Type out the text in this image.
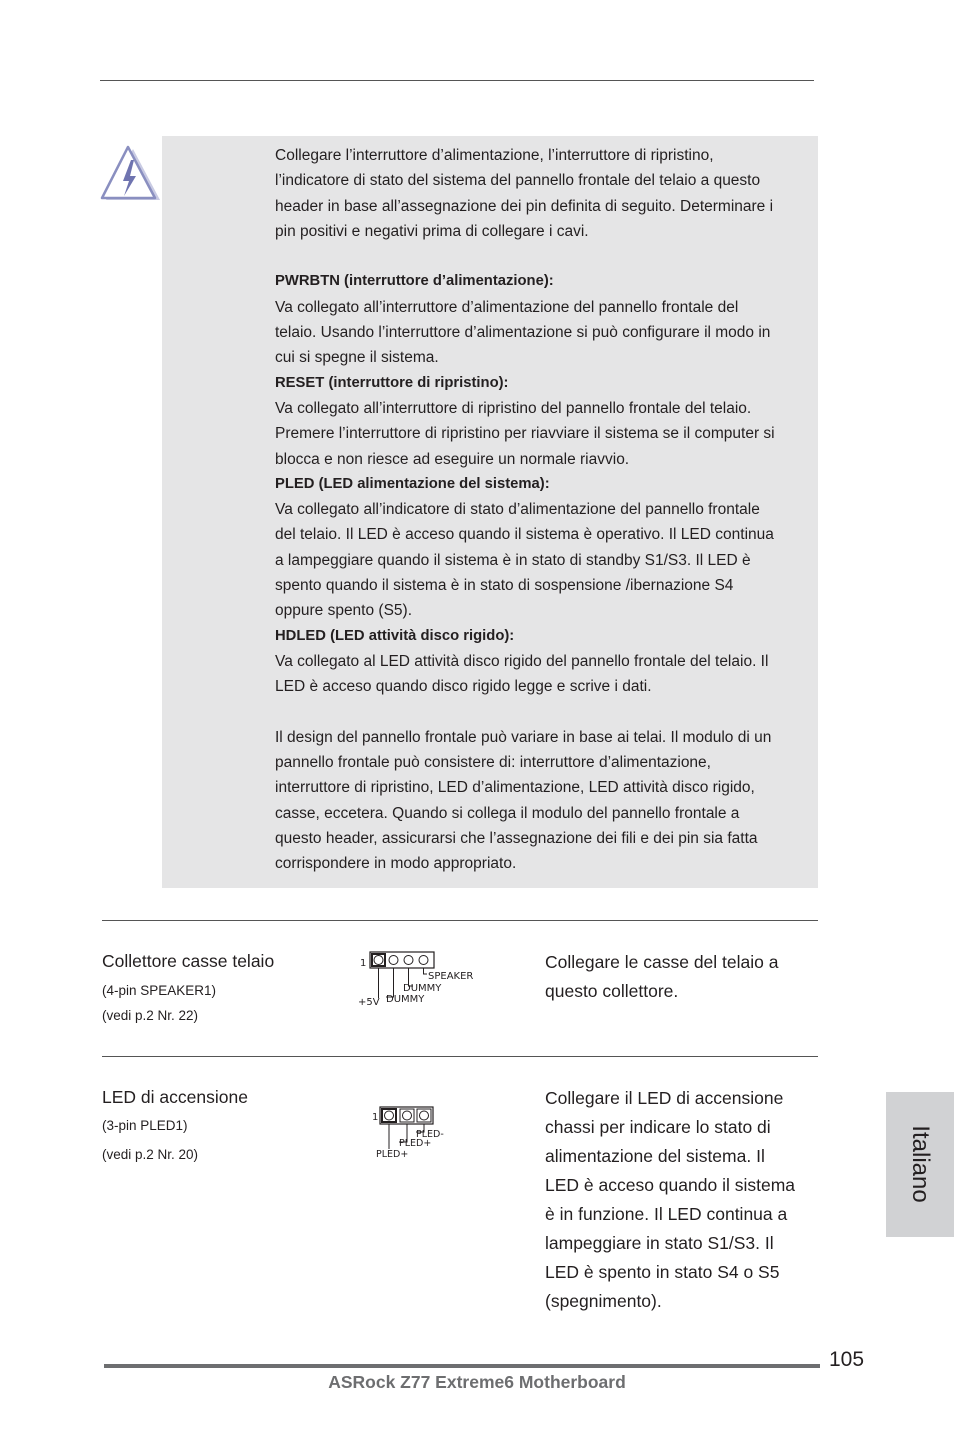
Collegare l’interruttore d’alimentazione, l’interruttore di ripristino,

l’indicatore di stato del sistema del pannello frontale del telaio a questo

header in base all’assegnazione dei pin definita di seguito. Determinare i

pin positivi e negativi prima di collegare i cavi.

PWRBTN (interruttore d’alimentazione):

Va collegato all’interruttore d’alimentazione del pannello frontale del

telaio. Usando l’interruttore d’alimentazione si può configurare il modo in

cui si spegne il sistema.

RESET (interruttore di ripristino):

Va collegato all’interruttore di ripristino del pannello frontale del telaio.

Premere l’interruttore di ripristino per riavviare il sistema se il computer si

blocca e non riesce ad eseguire un normale riavvio.

PLED (LED alimentazione del sistema):

Va collegato all’indicatore di stato d’alimentazione del pannello frontale

del telaio. Il LED è acceso quando il sistema è operativo. Il LED continua

a lampeggiare quando il sistema è in stato di standby S1/S3. Il LED è

spento quando il sistema è in stato di sospensione /ibernazione S4

oppure spento (S5).

HDLED (LED attività disco rigido):

Va collegato al LED attività disco rigido del pannello frontale del telaio. Il

LED è acceso quando disco rigido legge e scrive i dati.

Il design del pannello frontale può variare in base ai telai. Il modulo di un

pannello frontale può consistere di: interruttore d’alimentazione,

interruttore di ripristino, LED d’alimentazione, LED attività disco rigido,

casse, eccetera. Quando si collega il modulo del pannello frontale a

questo header, assicurarsi che l’assegnazione dei fili e dei pin sia fatta

corrispondere in modo appropriato.

Collettore casse telaio
(4-pin SPEAKER1)
(vedi p.2 Nr. 22)
1
SPEAKER
DUMMY
DUMMY
+5V

Collegare le casse del telaio a

questo collettore.

LED di accensione
(3-pin PLED1)
(vedi p.2 Nr. 20)
1
PLED-
PLED+
PLED+

Collegare il LED di accensione

chassi per indicare lo stato di

alimentazione del sistema. Il

LED è acceso quando il sistema

è in funzione. Il LED continua a

lampeggiare in stato S1/S3. Il

LED è spento in stato S4 o S5

(spegnimento).

Italiano
105
ASRock Z77 Extreme6 Motherboard
